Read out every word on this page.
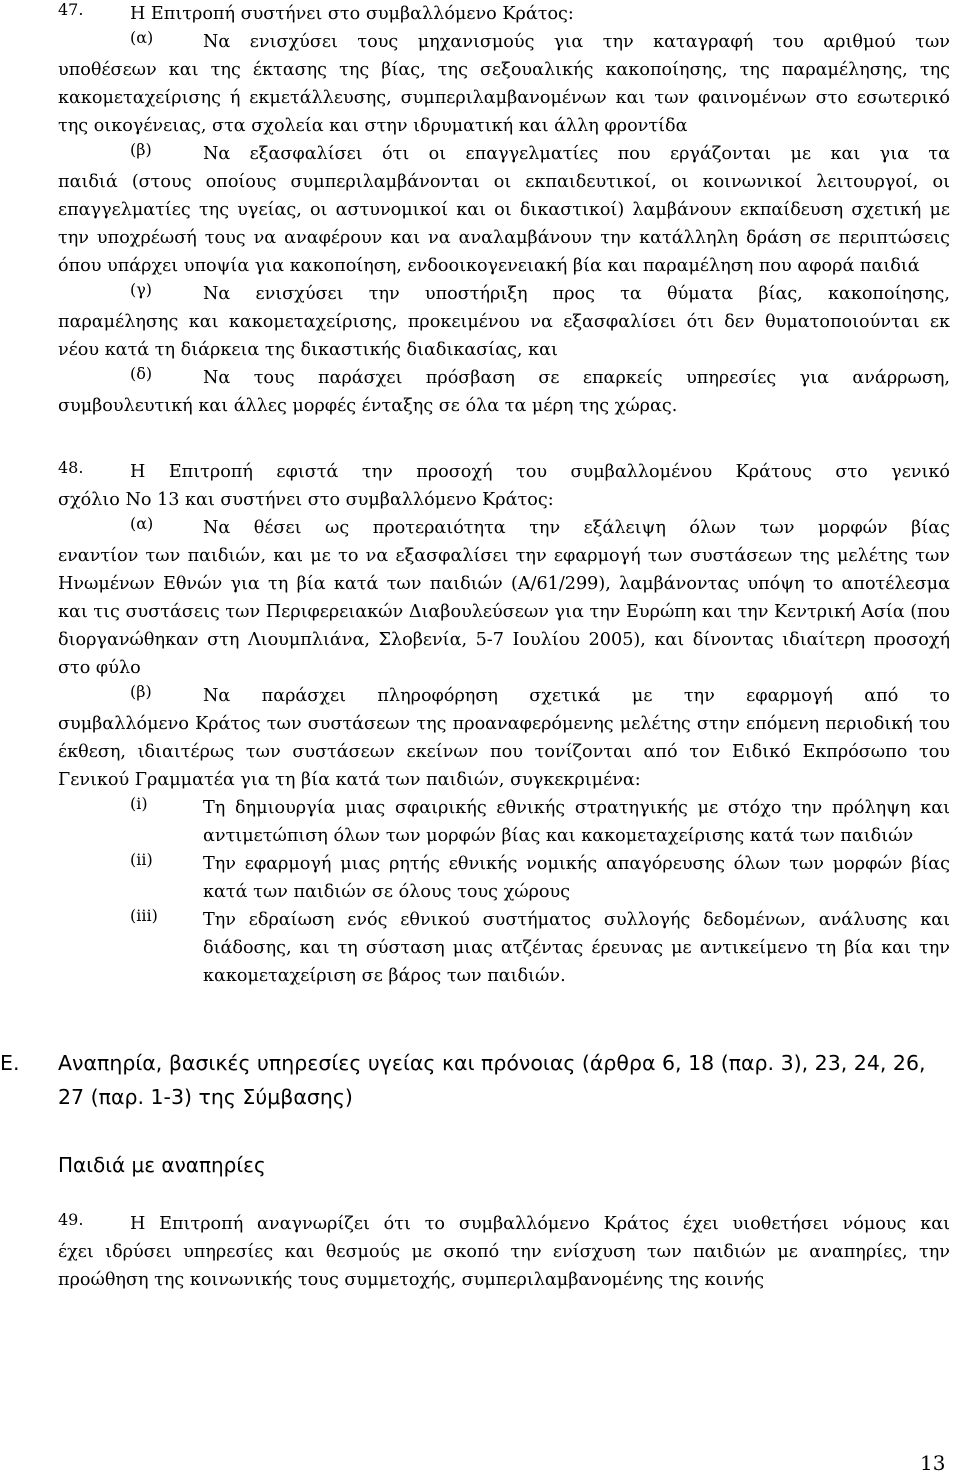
47.	Η Επιτροπή συστήνει στο συμβαλλόμενο Κράτος:

(α)	Να ενισχύσει τους μηχανισμούς για την καταγραφή του αριθμού των

υποθέσεων και της έκτασης της βίας, της σεξουαλικής κακοποίησης, της παραμέλησης, της κακομεταχείρισης ή εκμετάλλευσης, συμπεριλαμβανομένων και των φαινομένων στο εσωτερικό της οικογένειας, στα σχολεία και στην ιδρυματική και άλλη φροντίδα

(β)	Να εξασφαλίσει ότι οι επαγγελματίες που εργάζονται με και για τα

παιδιά (στους οποίους συμπεριλαμβάνονται οι εκπαιδευτικοί, οι κοινωνικοί λειτουργοί, οι επαγγελματίες της υγείας, οι αστυνομικοί και οι δικαστικοί) λαμβάνουν εκπαίδευση σχετική με την υποχρέωσή τους να αναφέρουν και να αναλαμβάνουν την κατάλληλη δράση σε περιπτώσεις όπου υπάρχει υποψία για κακοποίηση, ενδοοικογενειακή βία και παραμέληση που αφορά παιδιά

(γ)	Να ενισχύσει την υποστήριξη προς τα θύματα βίας, κακοποίησης,

παραμέλησης και κακομεταχείρισης, προκειμένου να εξασφαλίσει ότι δεν θυματοποιούνται εκ νέου κατά τη διάρκεια της δικαστικής διαδικασίας, και

(δ)	Να τους παράσχει πρόσβαση σε επαρκείς υπηρεσίες για ανάρρωση,

συμβουλευτική και άλλες μορφές ένταξης σε όλα τα μέρη της χώρας.

48.	Η Επιτροπή εφιστά την προσοχή του συμβαλλομένου Κράτους στο γενικό

σχόλιο Νο 13 και συστήνει στο συμβαλλόμενο Κράτος:

(α)	Να θέσει ως προτεραιότητα την εξάλειψη όλων των μορφών βίας

εναντίον των παιδιών, και με το να εξασφαλίσει την εφαρμογή των συστάσεων της μελέτης των Ηνωμένων Εθνών για τη βία κατά των παιδιών (A/61/299), λαμβάνοντας υπόψη το αποτέλεσμα και τις συστάσεις των Περιφερειακών Διαβουλεύσεων για την Ευρώπη και την Κεντρική Ασία (που διοργανώθηκαν στη Λιουμπλιάνα, Σλοβενία, 5-7 Ιουλίου 2005), και δίνοντας ιδιαίτερη προσοχή στο φύλο

(β)	Να παράσχει πληροφόρηση σχετικά με την εφαρμογή από το

συμβαλλόμενο Κράτος των συστάσεων της προαναφερόμενης μελέτης στην επόμενη περιοδική του έκθεση, ιδιαιτέρως των συστάσεων εκείνων που τονίζονται από τον Ειδικό Εκπρόσωπο του Γενικού Γραμματέα για τη βία κατά των παιδιών, συγκεκριμένα:

(i)	Τη δημιουργία μιας σφαιρικής εθνικής στρατηγικής με στόχο την πρόληψη και αντιμετώπιση όλων των μορφών βίας και κακομεταχείρισης κατά των παιδιών

(ii)	Την εφαρμογή μιας ρητής εθνικής νομικής απαγόρευσης όλων των μορφών βίας κατά των παιδιών σε όλους τους χώρους

(iii)	Την εδραίωση ενός εθνικού συστήματος συλλογής δεδομένων, ανάλυσης και διάδοσης, και τη σύσταση μιας ατζέντας έρευνας με αντικείμενο τη βία και την κακομεταχείριση σε βάρος των παιδιών.

Ε.	Αναπηρία, βασικές υπηρεσίες υγείας και πρόνοιας (άρθρα 6, 18 (παρ. 3), 23, 24, 26, 27 (παρ. 1-3) της Σύμβασης)
Παιδιά με αναπηρίες
49.	Η Επιτροπή αναγνωρίζει ότι το συμβαλλόμενο Κράτος έχει υιοθετήσει νόμους και

έχει ιδρύσει υπηρεσίες και θεσμούς με σκοπό την ενίσχυση των παιδιών με αναπηρίες, την προώθηση της κοινωνικής τους συμμετοχής, συμπεριλαμβανομένης της κοινής

13
